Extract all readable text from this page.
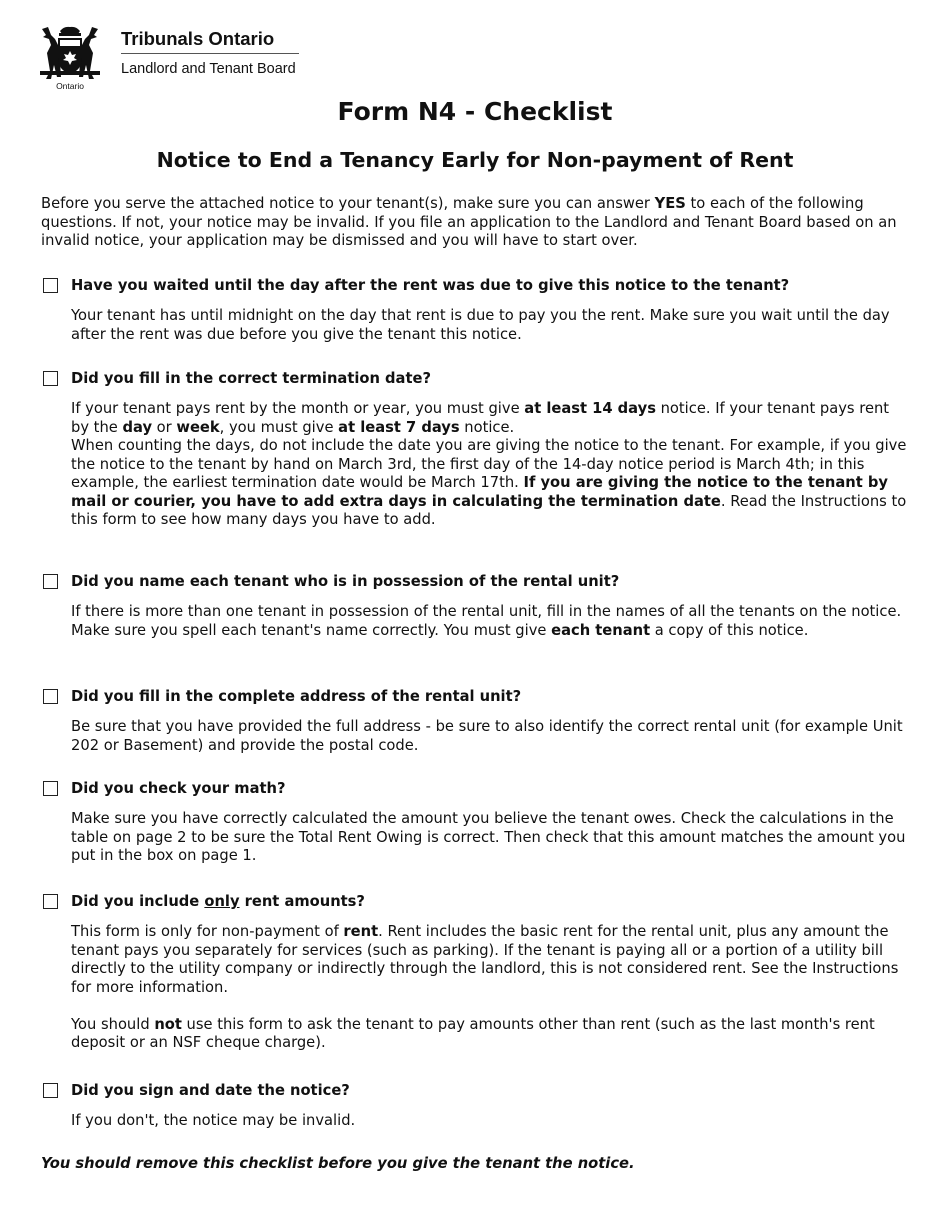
Ontario
Tribunals Ontario
Landlord and Tenant Board
Form N4 - Checklist
Notice to End a Tenancy Early for Non-payment of Rent
Before you serve the attached notice to your tenant(s), make sure you can answer YES to each of the following questions. If not, your notice may be invalid. If you file an application to the Landlord and Tenant Board based on an invalid notice, your application may be dismissed and you will have to start over.
Have you waited until the day after the rent was due to give this notice to the tenant?
Your tenant has until midnight on the day that rent is due to pay you the rent. Make sure you wait until the day after the rent was due before you give the tenant this notice.
Did you fill in the correct termination date?

If your tenant pays rent by the month or year, you must give at least 14 days notice. If your tenant pays rent by the day or week, you must give at least 7 days notice.

When counting the days, do not include the date you are giving the notice to the tenant. For example, if you give the notice to the tenant by hand on March 3rd, the first day of the 14-day notice period is March 4th; in this example, the earliest termination date would be March 17th. If you are giving the notice to the tenant by mail or courier, you have to add extra days in calculating the termination date. Read the Instructions to this form to see how many days you have to add.

Did you name each tenant who is in possession of the rental unit?
If there is more than one tenant in possession of the rental unit, fill in the names of all the tenants on the notice. Make sure you spell each tenant's name correctly. You must give each tenant a copy of this notice.
Did you fill in the complete address of the rental unit?
Be sure that you have provided the full address - be sure to also identify the correct rental unit (for example Unit 202 or Basement) and provide the postal code.
Did you check your math?
Make sure you have correctly calculated the amount you believe the tenant owes. Check the calculations in the table on page 2 to be sure the Total Rent Owing is correct. Then check that this amount matches the amount you put in the box on page 1.
Did you include only rent amounts?

This form is only for non-payment of rent. Rent includes the basic rent for the rental unit, plus any amount the tenant pays you separately for services (such as parking). If the tenant is paying all or a portion of a utility bill directly to the utility company or indirectly through the landlord, this is not considered rent. See the Instructions for more information.

You should not use this form to ask the tenant to pay amounts other than rent (such as the last month's rent deposit or an NSF cheque charge).

Did you sign and date the notice?
If you don't, the notice may be invalid.
You should remove this checklist before you give the tenant the notice.
